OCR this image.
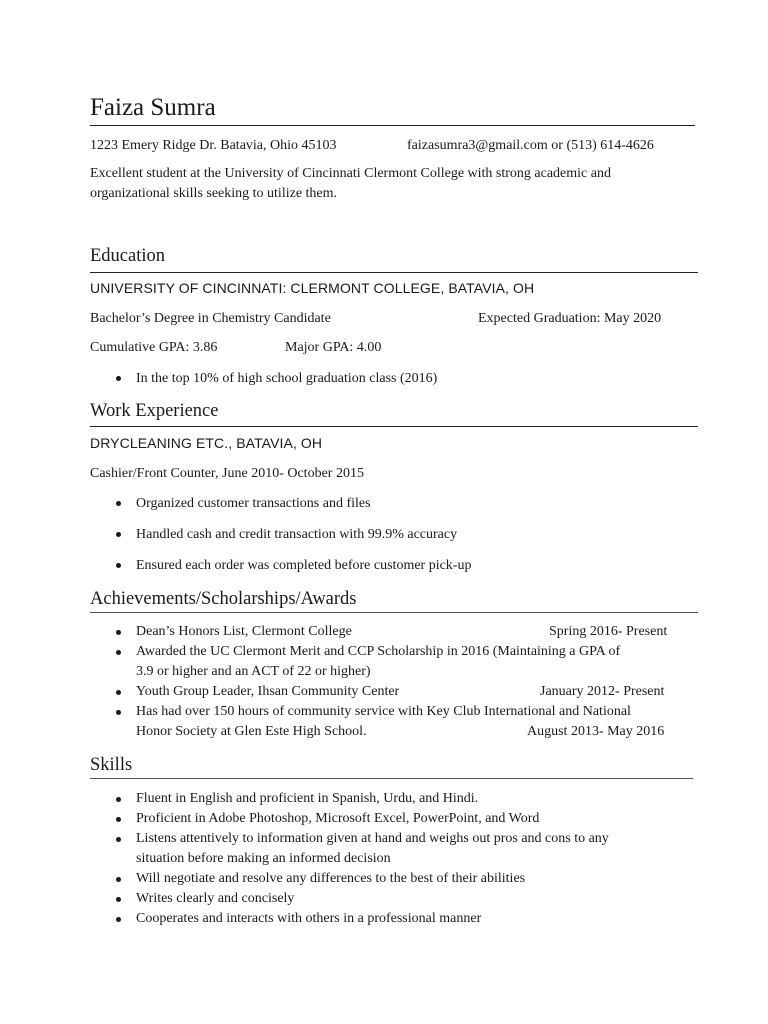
Faiza Sumra
1223 Emery Ridge Dr. Batavia, Ohio 45103	faizasumra3@gmail.com or (513) 614-4626
Excellent student at the University of Cincinnati Clermont College with strong academic and
organizational skills seeking to utilize them.
Education
UNIVERSITY OF CINCINNATI: CLERMONT COLLEGE, BATAVIA, OH
Bachelor’s Degree in Chemistry Candidate	Expected Graduation: May 2020
Cumulative GPA: 3.86	Major GPA: 4.00
In the top 10% of high school graduation class (2016)
Work Experience
DRYCLEANING ETC., BATAVIA, OH
Cashier/Front Counter, June 2010- October 2015
Organized customer transactions and files
Handled cash and credit transaction with 99.9% accuracy
Ensured each order was completed before customer pick-up
Achievements/Scholarships/Awards
Dean’s Honors List, Clermont College	Spring 2016- Present
Awarded the UC Clermont Merit and CCP Scholarship in 2016 (Maintaining a GPA of
3.9 or higher and an ACT of 22 or higher)
Youth Group Leader, Ihsan Community Center	January 2012- Present
Has had over 150 hours of community service with Key Club International and National
Honor Society at Glen Este High School.	August 2013- May 2016
Skills
Fluent in English and proficient in Spanish, Urdu, and Hindi.
Proficient in Adobe Photoshop, Microsoft Excel, PowerPoint, and Word
Listens attentively to information given at hand and weighs out pros and cons to any
situation before making an informed decision
Will negotiate and resolve any differences to the best of their abilities
Writes clearly and concisely
Cooperates and interacts with others in a professional manner
